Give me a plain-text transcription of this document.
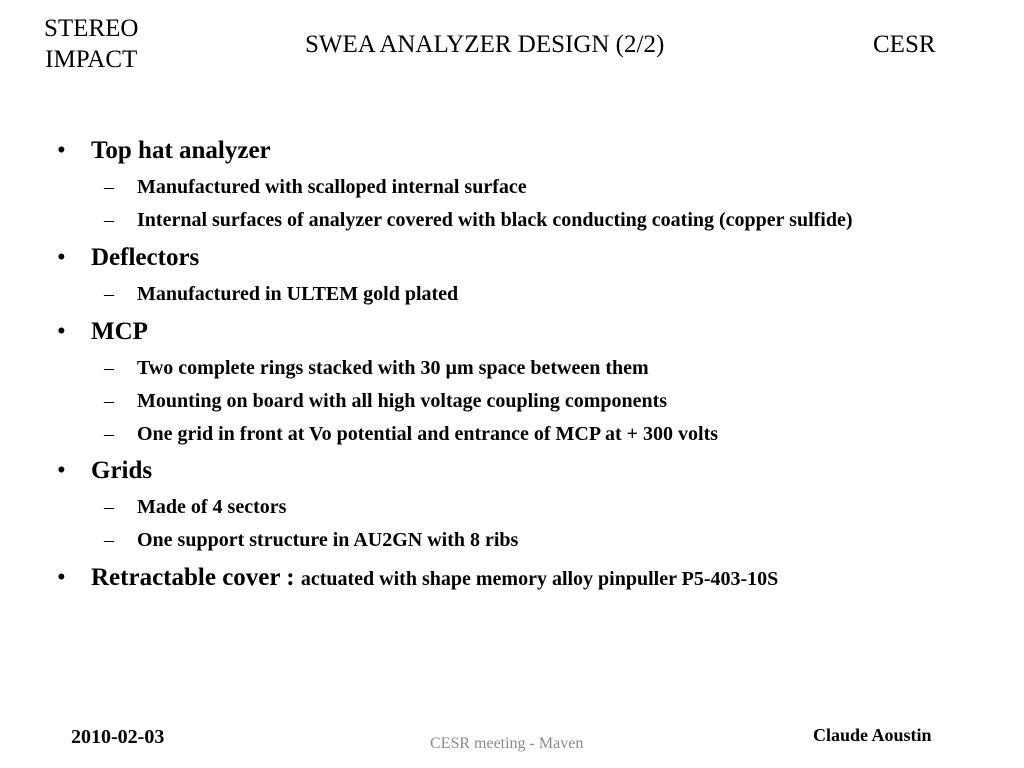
STEREO
IMPACT
SWEA ANALYZER DESIGN (2/2)	CESR
• Top hat analyzer
– Manufactured with scalloped internal surface
– Internal surfaces of analyzer covered with black conducting coating (copper sulfide)
• Deflectors
– Manufactured in ULTEM gold plated
• MCP
– Two complete rings stacked with 30 µm space between them
– Mounting on board with all high voltage coupling components
– One grid in front at Vo potential and entrance of MCP at + 300 volts
• Grids
– Made of 4 sectors
– One support structure in AU2GN with 8 ribs
• Retractable cover : actuated with shape memory alloy pinpuller P5-403-10S
2010-02-03	CESR meeting - Maven	Claude Aoustin
